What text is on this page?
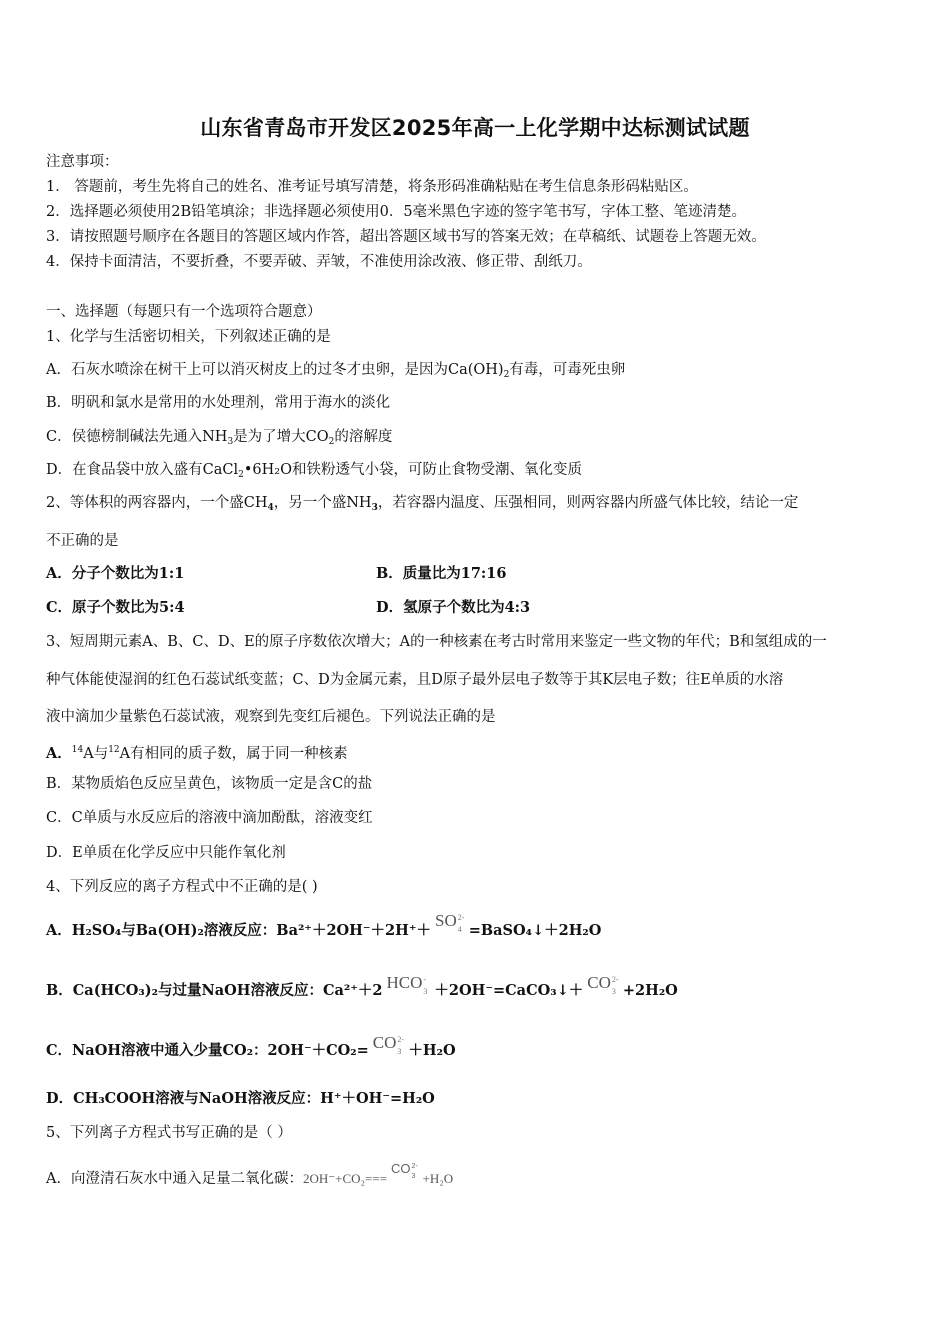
山东省青岛市开发区2025年高一上化学期中达标测试试题
注意事项：
1． 答题前，考生先将自己的姓名、准考证号填写清楚，将条形码准确粘贴在考生信息条形码粘贴区。
2．选择题必须使用2B铅笔填涂；非选择题必须使用0．5毫米黑色字迹的签字笔书写，字体工整、笔迹清楚。
3．请按照题号顺序在各题目的答题区域内作答，超出答题区域书写的答案无效；在草稿纸、试题卷上答题无效。
4．保持卡面清洁，不要折叠，不要弄破、弄皱，不准使用涂改液、修正带、刮纸刀。
一、选择题（每题只有一个选项符合题意）
1、化学与生活密切相关，下列叙述正确的是
A．石灰水喷涂在树干上可以消灭树皮上的过冬才虫卵，是因为$Ca(OH)_2$有毒，可毒死虫卵
B．明矾和氯水是常用的水处理剂，常用于海水的淡化
C．侯德榜制碱法先通入$NH_3$是为了增大$CO_2$的溶解度
D．在食品袋中放入盛有CaCl$_2$•6H₂O和铁粉透气小袋，可防止食物受潮、氧化变质
2、等体积的两容器内，一个盛$CH_4$，另一个盛$NH_3$，若容器内温度、压强相同，则两容器内所盛气体比较，结论一定
不正确的是
A．分子个数比为1:1	B．质量比为17:16
C．原子个数比为5:4	D．氢原子个数比为4:3
3、短周期元素A、B、C、D、E的原子序数依次增大；A的一种核素在考古时常用来鉴定一些文物的年代；B和氢组成的一
种气体能使湿润的红色石蕊试纸变蓝；C、D为金属元素，且D原子最外层电子数等于其K层电子数；往E单质的水溶
液中滴加少量紫色石蕊试液，观察到先变红后褪色。下列说法正确的是
A．$^{14}$A与$^{12}$A有相同的质子数，属于同一种核素
B．某物质焰色反应呈黄色，该物质一定是含C的盐
C．C单质与水反应后的溶液中滴加酚酞，溶液变红
D．E单质在化学反应中只能作氧化剂
4、下列反应的离子方程式中不正确的是( )
A．H₂SO₄与Ba(OH)₂溶液反应：Ba²⁺＋2OH⁻＋2H⁺＋SO 2-
4 =BaSO₄↓＋2H₂O
B．Ca(HCO₃)₂与过量NaOH溶液反应：Ca²⁺＋2 HCO -
3 ＋2OH⁻=CaCO₃↓＋ CO 2-
3 +2H₂O
C．NaOH溶液中通入少量CO₂：2OH⁻＋CO₂= CO 2-
3 ＋H₂O
D．CH₃COOH溶液与NaOH溶液反应：H⁺＋OH⁻=H₂O
5、下列离子方程式书写正确的是（ ）
A．向澄清石灰水中通入足量二氧化碳：2OH⁻+CO₂===CO 2-
3 +H₂O
